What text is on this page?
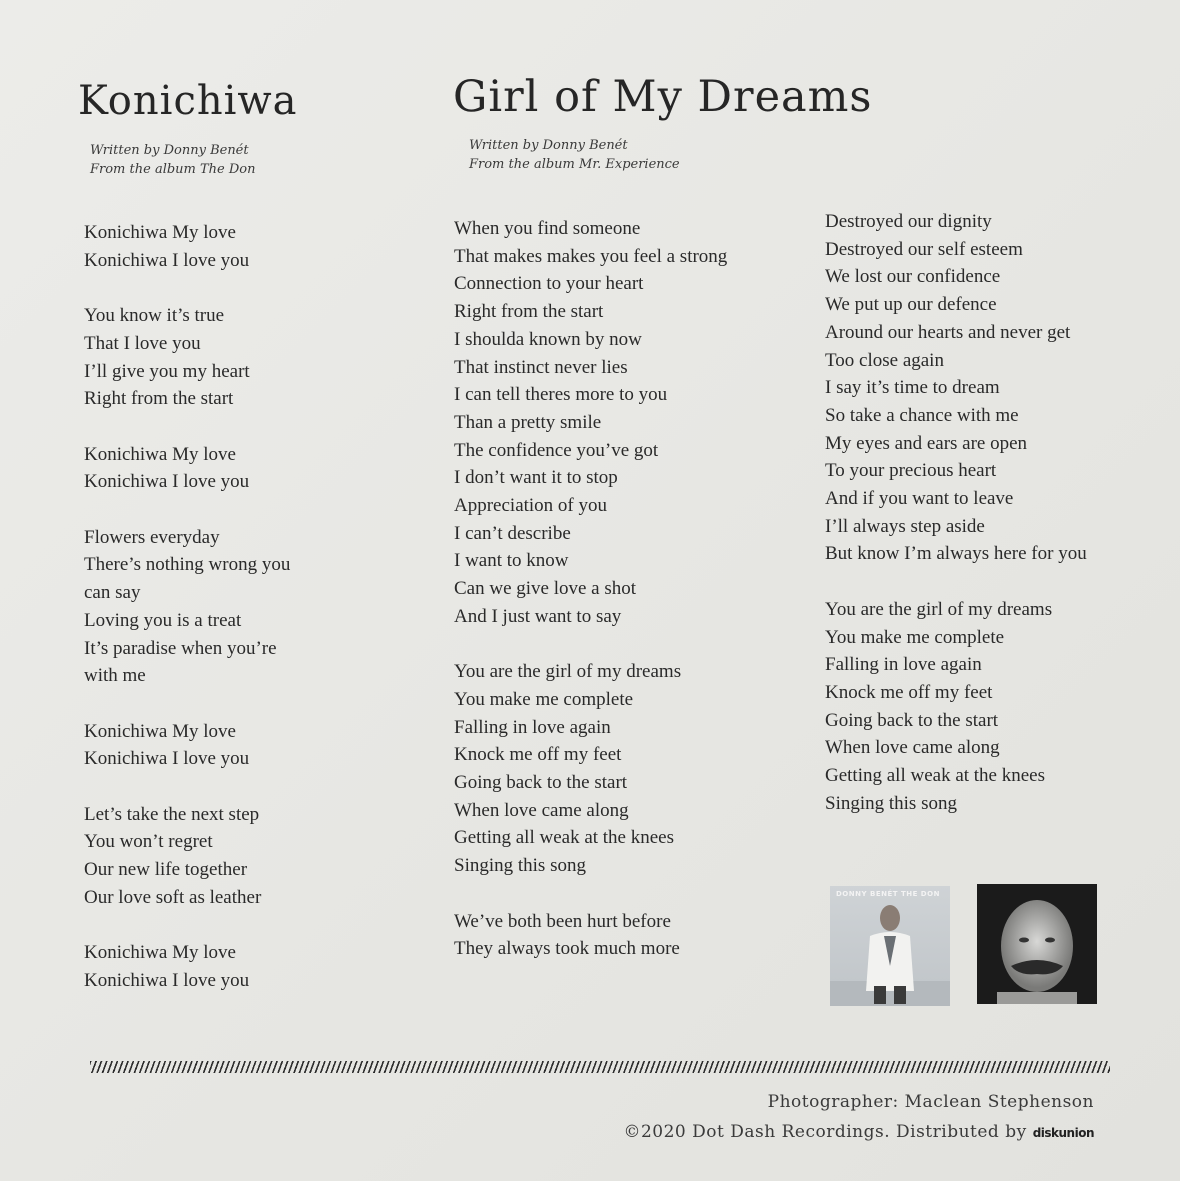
Konichiwa
Written by Donny Benét
From the album The Don
Girl of My Dreams
Written by Donny Benét
From the album Mr. Experience
Konichiwa My love
Konichiwa I love you
You know it’s true
That I love you
I’ll give you my heart
Right from the start
Konichiwa My love
Konichiwa I love you
Flowers everyday
There’s nothing wrong you
can say
Loving you is a treat
It’s paradise when you’re
with me
Konichiwa My love
Konichiwa I love you
Let’s take the next step
You won’t regret
Our new life together
Our love soft as leather
Konichiwa My love
Konichiwa I love you
When you find someone
That makes makes you feel a strong
Connection to your heart
Right from the start
I shoulda known by now
That instinct never lies
I can tell theres more to you
Than a pretty smile
The confidence you’ve got
I don’t want it to stop
Appreciation of you
I can’t describe
I want to know
Can we give love a shot
And I just want to say
You are the girl of my dreams
You make me complete
Falling in love again
Knock me off my feet
Going back to the start
When love came along
Getting all weak at the knees
Singing this song
We’ve both been hurt before
They always took much more
Destroyed our dignity
Destroyed our self esteem
We lost our confidence
We put up our defence
Around our hearts and never get
Too close again
I say it’s time to dream
So take a chance with me
My eyes and ears are open
To your precious heart
And if you want to leave
I’ll always step aside
But know I’m always here for you
You are the girl of my dreams
You make me complete
Falling in love again
Knock me off my feet
Going back to the start
When love came along
Getting all weak at the knees
Singing this song
DONNY BENÉT THE DON
Photographer: Maclean Stephenson
©2020 Dot Dash Recordings. Distributed by diskunion
